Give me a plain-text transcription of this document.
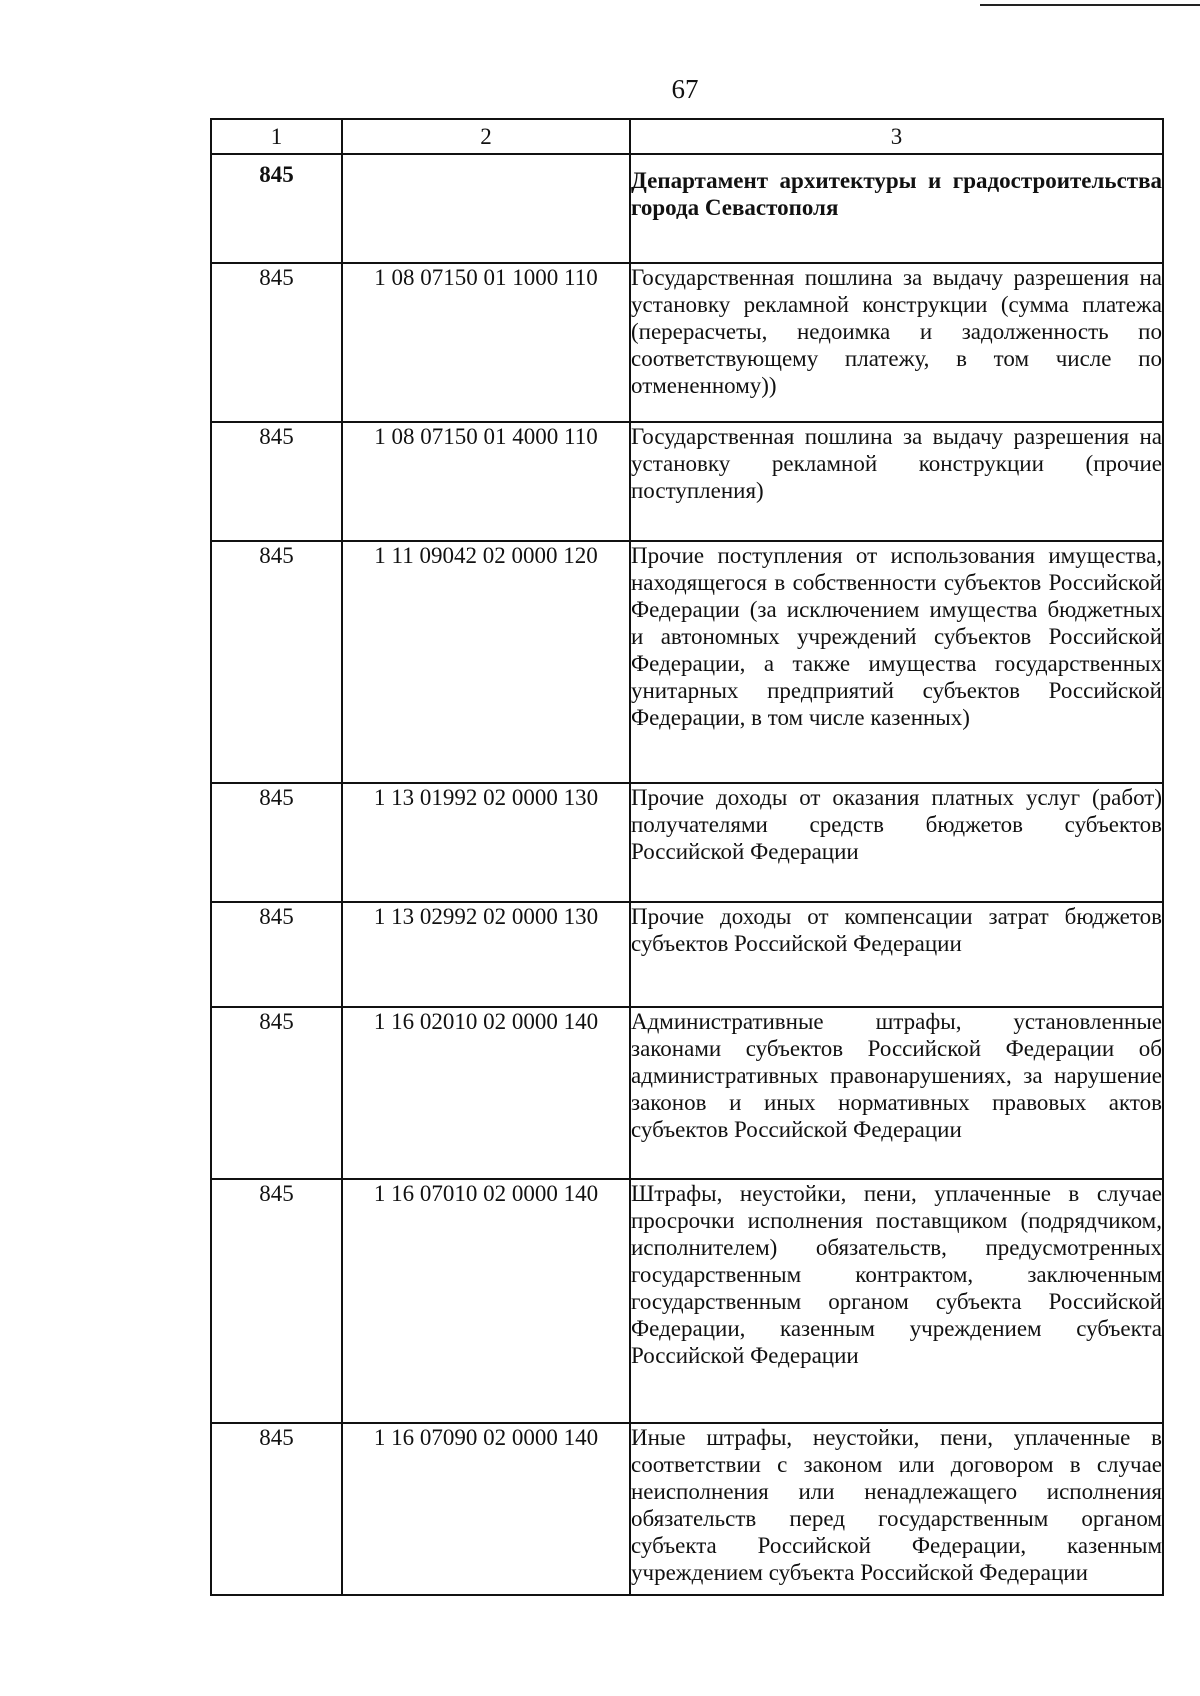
67
1	2	3
845		Департамент архитектуры и градостроительства города Севастополя
845	1 08 07150 01 1000 110	Государственная пошлина за выдачу разрешения на установку рекламной конструкции (сумма платежа (перерасчеты, недоимка и задолженность по соответствующему платежу, в том числе по отмененному))
845	1 08 07150 01 4000 110	Государственная пошлина за выдачу разрешения на установку рекламной конструкции (прочие поступления)
845	1 11 09042 02 0000 120	Прочие поступления от использования имущества, находящегося в собственности субъектов Российской Федерации (за исключением имущества бюджетных и автономных учреждений субъектов Российской Федерации, а также имущества государственных унитарных предприятий субъектов Российской Федерации, в том числе казенных)
845	1 13 01992 02 0000 130	Прочие доходы от оказания платных услуг (работ) получателями средств бюджетов субъектов Российской Федерации
845	1 13 02992 02 0000 130	Прочие доходы от компенсации затрат бюджетов субъектов Российской Федерации
845	1 16 02010 02 0000 140	Административные штрафы, установленные законами субъектов Российской Федерации об административных правонарушениях, за нарушение законов и иных нормативных правовых актов субъектов Российской Федерации
845	1 16 07010 02 0000 140	Штрафы, неустойки, пени, уплаченные в случае просрочки исполнения поставщиком (подрядчиком, исполнителем) обязательств, предусмотренных государственным контрактом, заключенным государственным органом субъекта Российской Федерации, казенным учреждением субъекта Российской Федерации
845	1 16 07090 02 0000 140	Иные штрафы, неустойки, пени, уплаченные в соответствии с законом или договором в случае неисполнения или ненадлежащего исполнения обязательств перед государственным органом субъекта Российской Федерации, казенным учреждением субъекта Российской Федерации
